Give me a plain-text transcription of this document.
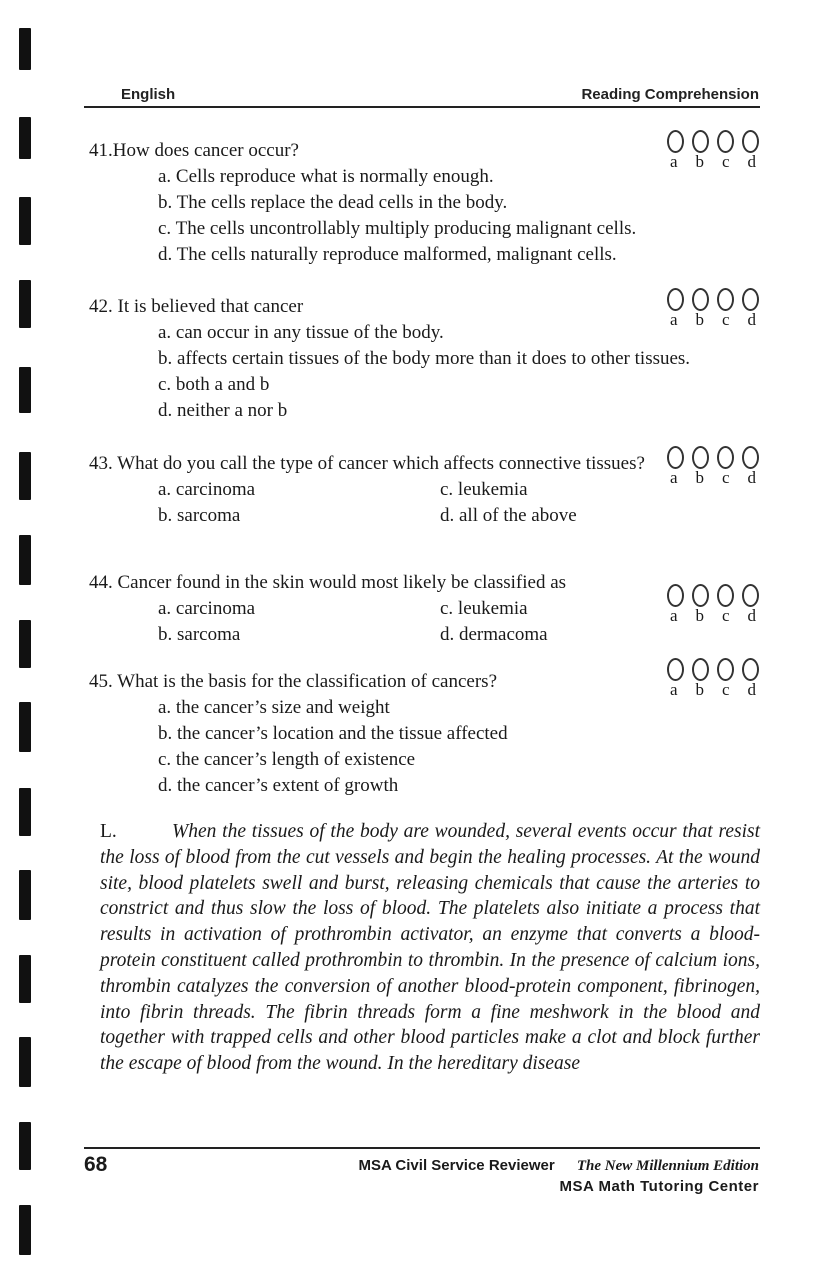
English	Reading Comprehension
41.How does cancer occur?
a. Cells reproduce what is normally enough.
b. The cells replace the dead cells in the body.
c. The cells uncontrollably multiply producing malignant cells.
d. The cells naturally reproduce malformed, malignant cells.
a b c d
42. It is believed that cancer
a. can occur in any tissue of the body.
b. affects certain tissues of the body more than it does to other tissues.
c. both a and b
d. neither a nor b
a b c d
43. What do you call the type of cancer which affects connective tissues?
a. carcinoma	c. leukemia
b. sarcoma	d. all of the above
a b c d
44. Cancer found in the skin would most likely be classified as
a. carcinoma	c. leukemia
b. sarcoma	d. dermacoma
a b c d
45. What is the basis for the classification of cancers?
a. the cancer’s size and weight
b. the cancer’s location and the tissue affected
c. the cancer’s length of existence
d. the cancer’s extent of growth
a b c d
L.	When the tissues of the body are wounded, several events occur that resist the loss of blood from the cut vessels and begin the healing processes. At the wound site, blood platelets swell and burst, releasing chemicals that cause the arteries to constrict and thus slow the loss of blood. The platelets also initiate a process that results in activation of prothrombin activator, an enzyme that converts a blood-protein constituent called prothrombin to thrombin. In the presence of calcium ions, thrombin catalyzes the conversion of another blood-protein component, fibrinogen, into fibrin threads. The fibrin threads form a fine meshwork in the blood and together with trapped cells and other blood particles make a clot and block further the escape of blood from the wound. In the hereditary disease
68	MSA Civil Service Reviewer The New Millennium Edition
MSA Math Tutoring Center
